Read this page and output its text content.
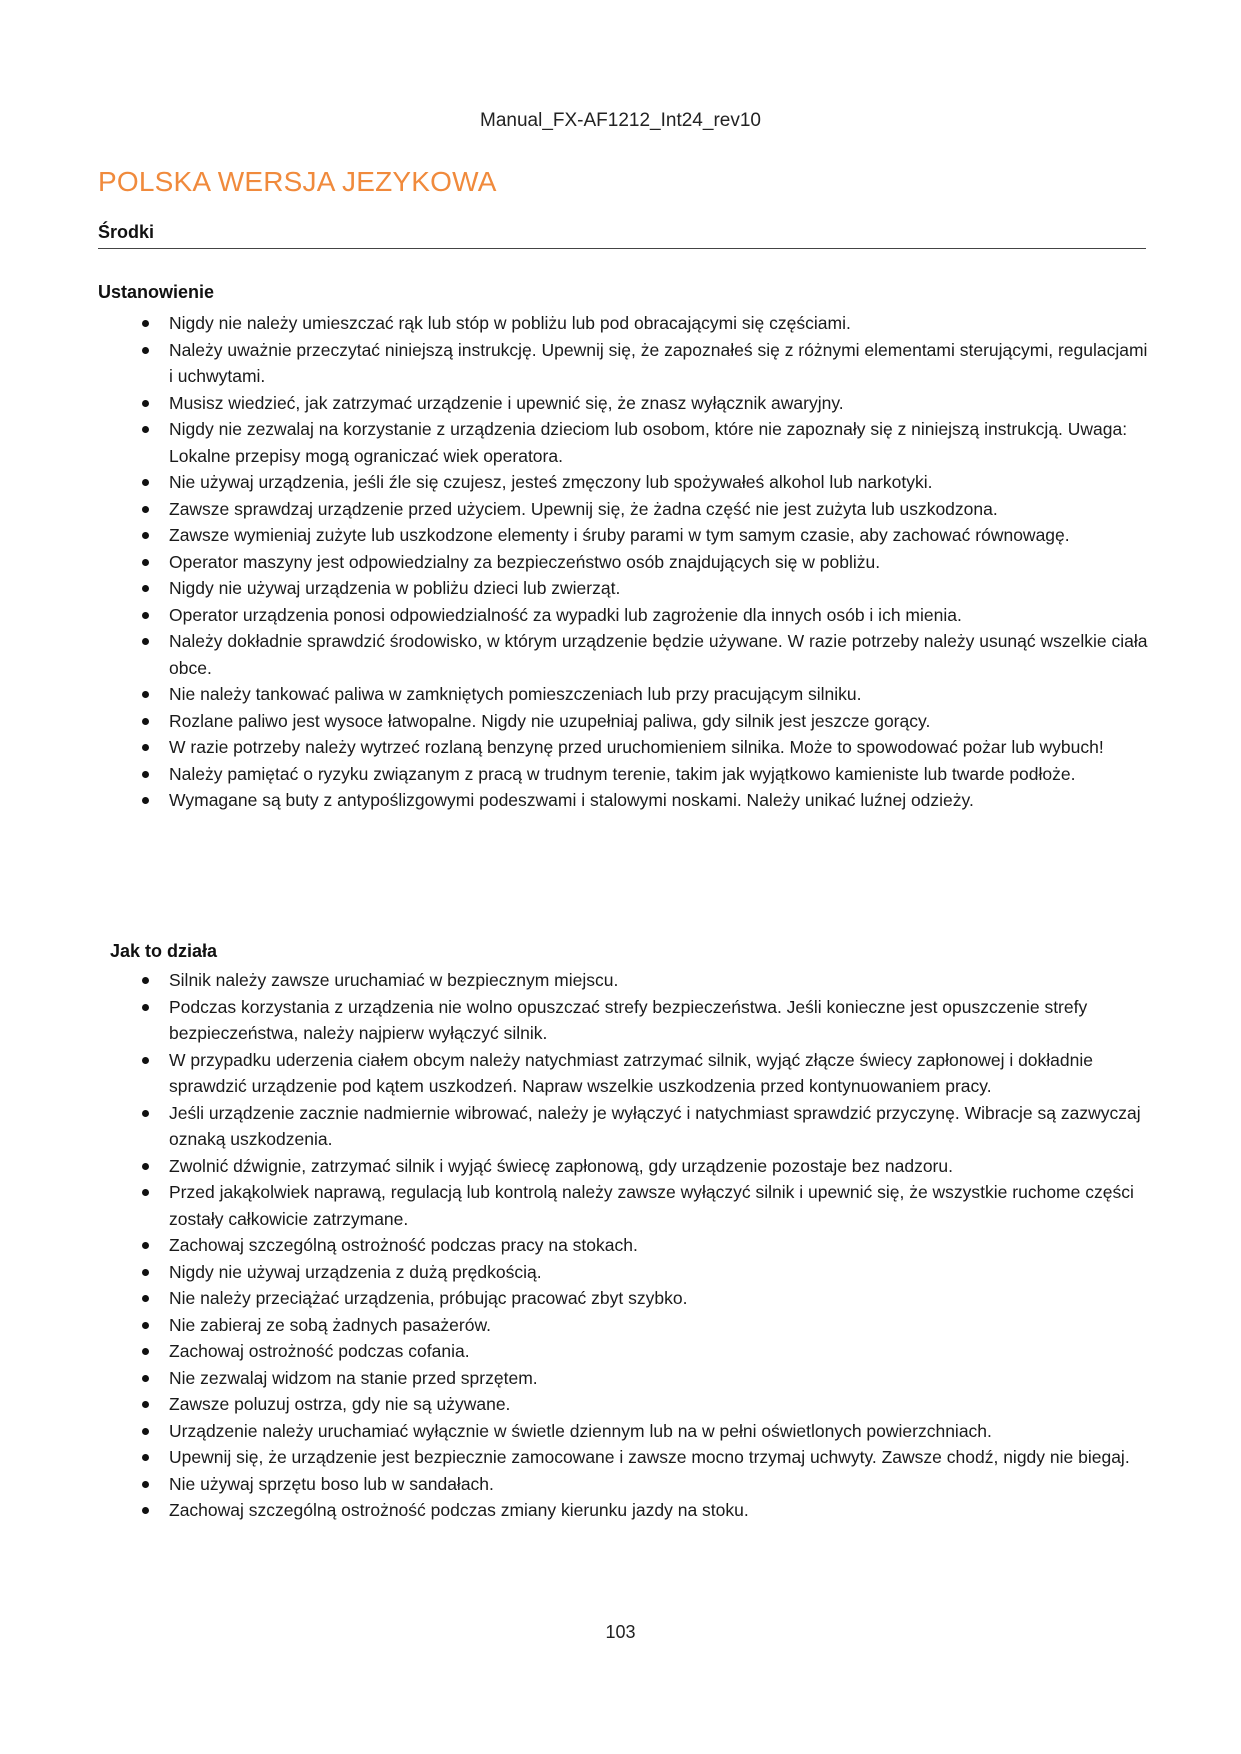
Manual_FX-AF1212_Int24_rev10
POLSKA WERSJA JEZYKOWA
Środki
Ustanowienie
Nigdy nie należy umieszczać rąk lub stóp w pobliżu lub pod obracającymi się częściami.
Należy uważnie przeczytać niniejszą instrukcję. Upewnij się, że zapoznałeś się z różnymi elementami sterującymi, regulacjami i uchwytami.
Musisz wiedzieć, jak zatrzymać urządzenie i upewnić się, że znasz wyłącznik awaryjny.
Nigdy nie zezwalaj na korzystanie z urządzenia dzieciom lub osobom, które nie zapoznały się z niniejszą instrukcją. Uwaga: Lokalne przepisy mogą ograniczać wiek operatora.
Nie używaj urządzenia, jeśli źle się czujesz, jesteś zmęczony lub spożywałeś alkohol lub narkotyki.
Zawsze sprawdzaj urządzenie przed użyciem. Upewnij się, że żadna część nie jest zużyta lub uszkodzona.
Zawsze wymieniaj zużyte lub uszkodzone elementy i śruby parami w tym samym czasie, aby zachować równowagę.
Operator maszyny jest odpowiedzialny za bezpieczeństwo osób znajdujących się w pobliżu.
Nigdy nie używaj urządzenia w pobliżu dzieci lub zwierząt.
Operator urządzenia ponosi odpowiedzialność za wypadki lub zagrożenie dla innych osób i ich mienia.
Należy dokładnie sprawdzić środowisko, w którym urządzenie będzie używane. W razie potrzeby należy usunąć wszelkie ciała obce.
Nie należy tankować paliwa w zamkniętych pomieszczeniach lub przy pracującym silniku.
Rozlane paliwo jest wysoce łatwopalne. Nigdy nie uzupełniaj paliwa, gdy silnik jest jeszcze gorący.
W razie potrzeby należy wytrzeć rozlaną benzynę przed uruchomieniem silnika. Może to spowodować pożar lub wybuch!
Należy pamiętać o ryzyku związanym z pracą w trudnym terenie, takim jak wyjątkowo kamieniste lub twarde podłoże.
Wymagane są buty z antypoślizgowymi podeszwami i stalowymi noskami. Należy unikać luźnej odzieży.
Jak to działa
Silnik należy zawsze uruchamiać w bezpiecznym miejscu.
Podczas korzystania z urządzenia nie wolno opuszczać strefy bezpieczeństwa. Jeśli konieczne jest opuszczenie strefy bezpieczeństwa, należy najpierw wyłączyć silnik.
W przypadku uderzenia ciałem obcym należy natychmiast zatrzymać silnik, wyjąć złącze świecy zapłonowej i dokładnie sprawdzić urządzenie pod kątem uszkodzeń. Napraw wszelkie uszkodzenia przed kontynuowaniem pracy.
Jeśli urządzenie zacznie nadmiernie wibrować, należy je wyłączyć i natychmiast sprawdzić przyczynę. Wibracje są zazwyczaj oznaką uszkodzenia.
Zwolnić dźwignie, zatrzymać silnik i wyjąć świecę zapłonową, gdy urządzenie pozostaje bez nadzoru.
Przed jakąkolwiek naprawą, regulacją lub kontrolą należy zawsze wyłączyć silnik i upewnić się, że wszystkie ruchome części zostały całkowicie zatrzymane.
Zachowaj szczególną ostrożność podczas pracy na stokach.
Nigdy nie używaj urządzenia z dużą prędkością.
Nie należy przeciążać urządzenia, próbując pracować zbyt szybko.
Nie zabieraj ze sobą żadnych pasażerów.
Zachowaj ostrożność podczas cofania.
Nie zezwalaj widzom na stanie przed sprzętem.
Zawsze poluzuj ostrza, gdy nie są używane.
Urządzenie należy uruchamiać wyłącznie w świetle dziennym lub na w pełni oświetlonych powierzchniach.
Upewnij się, że urządzenie jest bezpiecznie zamocowane i zawsze mocno trzymaj uchwyty. Zawsze chodź, nigdy nie biegaj.
Nie używaj sprzętu boso lub w sandałach.
Zachowaj szczególną ostrożność podczas zmiany kierunku jazdy na stoku.
103
